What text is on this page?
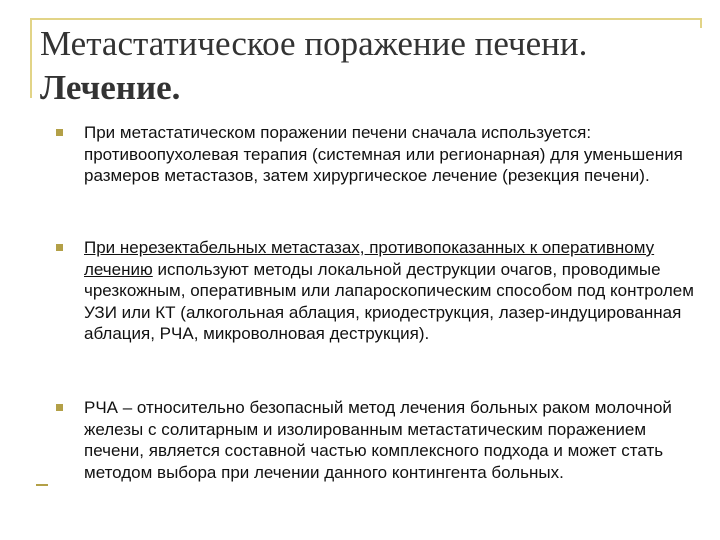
Метастатическое поражение печени.
Лечение.
При метастатическом поражении печени сначала используется: противоопухолевая терапия (системная или регионарная) для уменьшения размеров метастазов, затем хирургическое лечение (резекция печени).
При нерезектабельных метастазах, противопоказанных к оперативному лечению используют методы локальной деструкции очагов, проводимые чрезкожным, оперативным или лапароскопическим способом под контролем УЗИ или КТ (алкогольная аблация, криодеструкция, лазер-индуцированная аблация, РЧА, микроволновая деструкция).
РЧА – относительно безопасный метод лечения больных раком молочной железы с солитарным и изолированным метастатическим поражением печени, является составной частью комплексного подхода и может стать методом выбора при лечении данного контингента больных.
